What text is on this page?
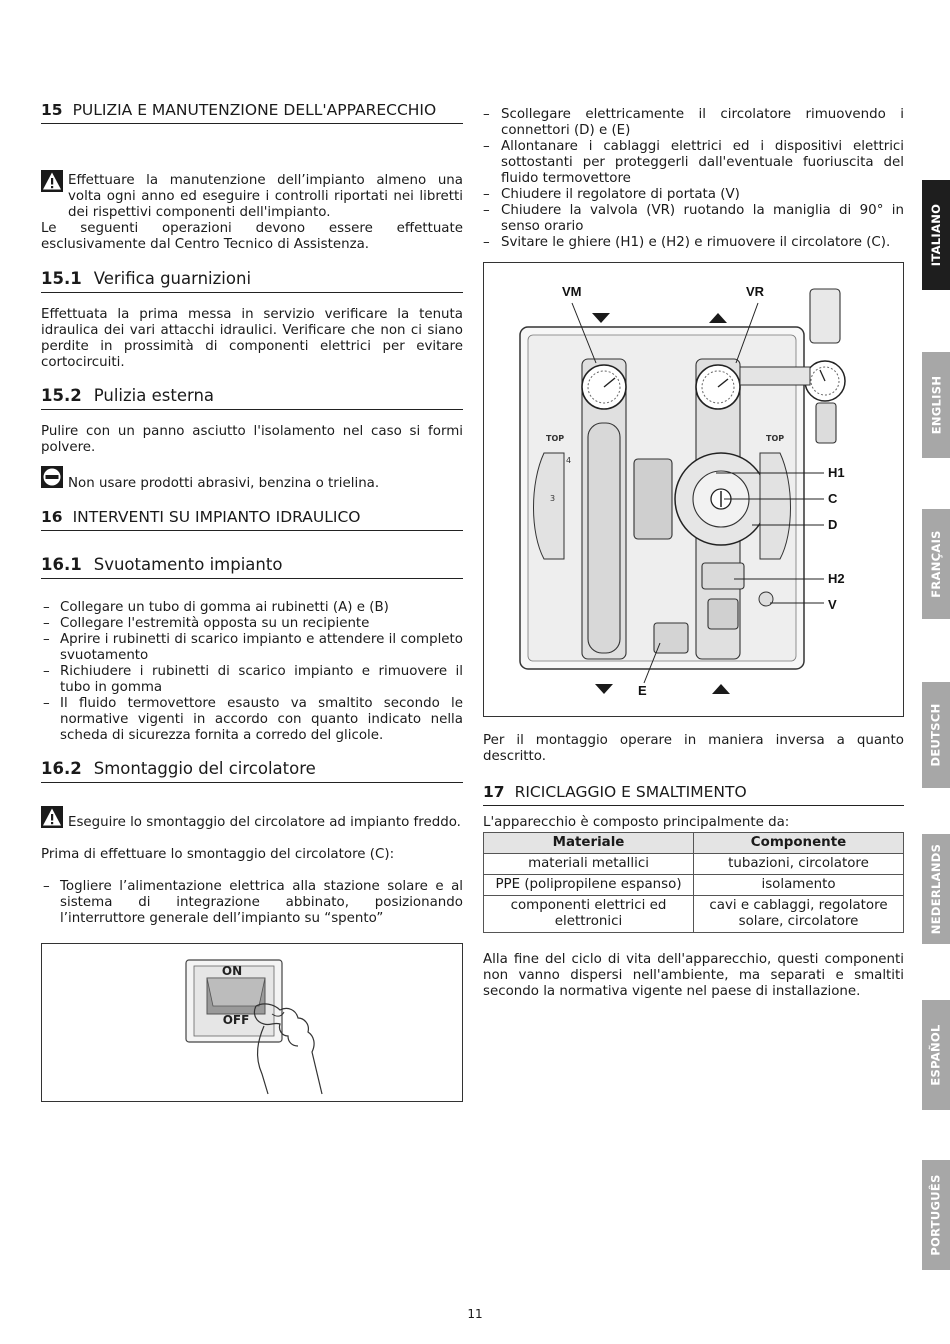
15 PULIZIA E MANUTENZIONE DELL'APPARECCHIO

Effettuare la manutenzione dell’impianto almeno una volta ogni anno ed eseguire i controlli riportati nei libretti dei rispettivi componenti dell'impianto.

Le seguenti operazioni devono essere effettuate esclusivamente dal Centro Tecnico di Assistenza.

15.1 Verifica guarnizioni

Effettuata la prima messa in servizio verificare la tenuta idraulica dei vari attacchi idraulici. Verificare che non ci siano perdite in prossimità di componenti elettrici per evitare cortocircuiti.

15.2 Pulizia esterna

Pulire con un panno asciutto l'isolamento nel caso si formi polvere.

Non usare prodotti abrasivi, benzina o trielina.

16 INTERVENTI SU IMPIANTO IDRAULICO
16.1 Svuotamento impianto
– Collegare un tubo di gomma ai rubinetti (A) e (B)
– Collegare l'estremità opposta su un recipiente
– Aprire i rubinetti di scarico impianto e attendere il completo svuotamento
– Richiudere i rubinetti di scarico impianto e rimuovere il tubo in gomma
– Il fluido termovettore esausto va smaltito secondo le normative vigenti in accordo con quanto indicato nella scheda di sicurezza fornita a corredo del glicole.
16.2 Smontaggio del circolatore

Eseguire lo smontaggio del circolatore ad impianto freddo.

Prima di effettuare lo smontaggio del circolatore (C):

– Togliere l’alimentazione elettrica alla stazione solare e al sistema di integrazione abbinato, posizionando l’interruttore generale dell’impianto su “spento”
ON
OFF
– Scollegare elettricamente il circolatore rimuovendo i connettori (D) e (E)
– Allontanare i cablaggi elettrici ed i dispositivi elettrici sottostanti per proteggerli dall'eventuale fuoriuscita del fluido termovettore
– Chiudere il regolatore di portata (V)
– Chiudere la valvola (VR) ruotando la maniglia di 90° in senso orario
– Svitare le ghiere (H1) e (H2) e rimuovere il circolatore (C).
TOP	TOP
3
4
VM	VR
H1
C
D
H2
V
E

Per il montaggio operare in maniera inversa a quanto descritto.

17 RICICLAGGIO E SMALTIMENTO

L'apparecchio è composto principalmente da:

Materiale	Componente
materiali metallici	tubazioni, circolatore
PPE (polipropilene espanso)	isolamento
componenti elettrici ed elettronici	cavi e cablaggi, regolatore solare, circolatore

Alla fine del ciclo di vita dell'apparecchio, questi componenti non vanno dispersi nell'ambiente, ma separati e smaltiti secondo la normativa vigente nel paese di installazione.

ITALIANO
ENGLISH
FRANÇAIS
DEUTSCH
NEDERLANDS
ESPAÑOL
PORTUGUÊS
11
